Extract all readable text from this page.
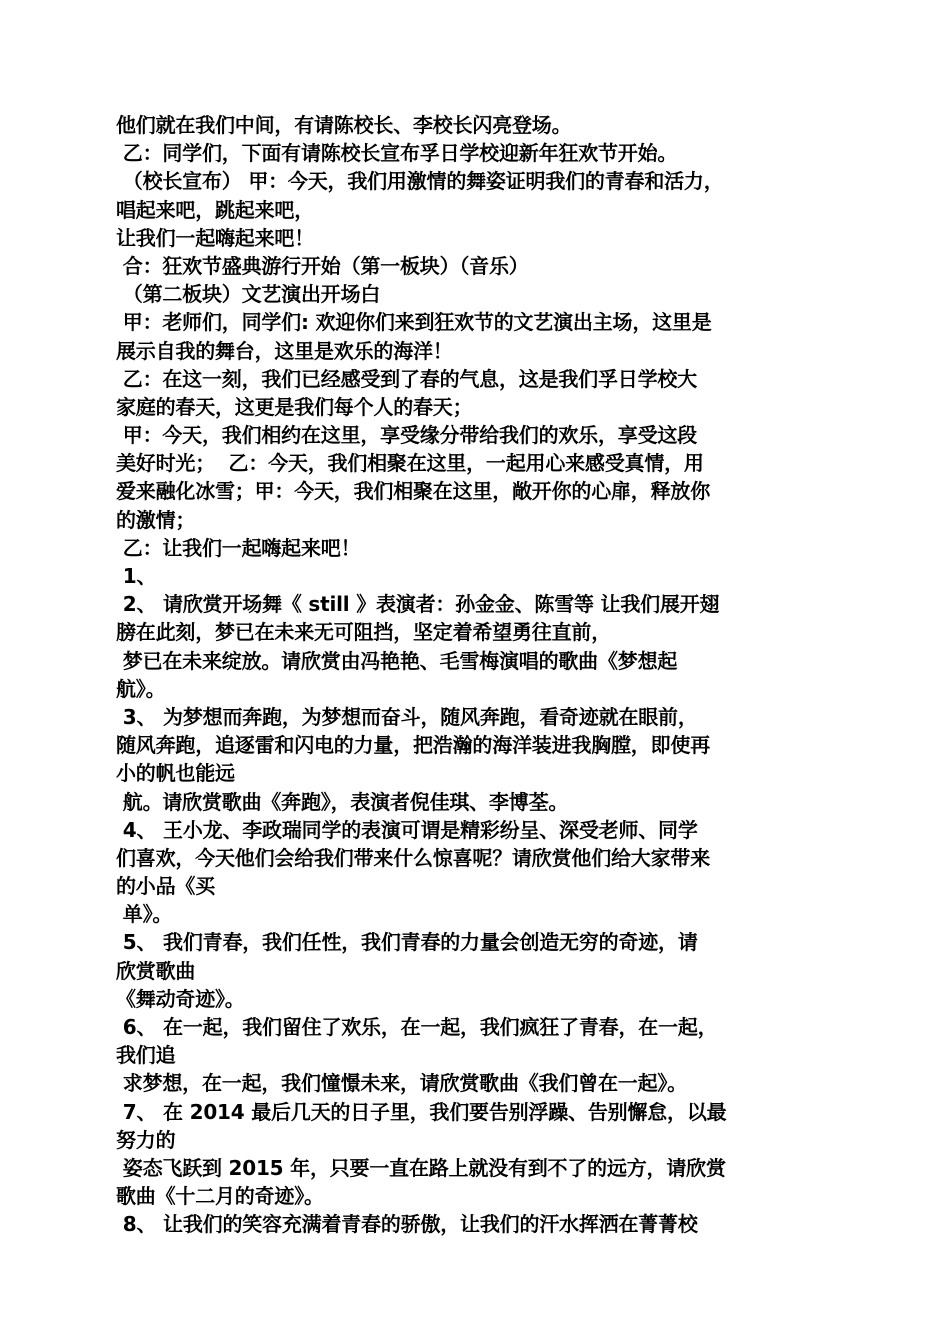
他们就在我们中间，有请陈校长、李校长闪亮登场。
乙：同学们，下面有请陈校长宣布孚日学校迎新年狂欢节开始。
（校长宣布） 甲：今天，我们用激情的舞姿证明我们的青春和活力，
唱起来吧，跳起来吧，
让我们一起嗨起来吧！
合：狂欢节盛典游行开始（第一板块）（音乐）
（第二板块）文艺演出开场白
甲：老师们，同学们: 欢迎你们来到狂欢节的文艺演出主场，这里是
展示自我的舞台，这里是欢乐的海洋！
乙：在这一刻，我们已经感受到了春的气息，这是我们孚日学校大
家庭的春天，这更是我们每个人的春天；
甲：今天，我们相约在这里，享受缘分带给我们的欢乐，享受这段
美好时光；  乙：今天，我们相聚在这里，一起用心来感受真情，用
爱来融化冰雪；甲：今天，我们相聚在这里，敞开你的心扉，释放你
的激情；
乙：让我们一起嗨起来吧！
1、
2、 请欣赏开场舞《 still 》表演者：孙金金、陈雪等 让我们展开翅
膀在此刻，梦已在未来无可阻挡，坚定着希望勇往直前，
梦已在未来绽放。请欣赏由冯艳艳、毛雪梅演唱的歌曲《梦想起
航》。
3、 为梦想而奔跑，为梦想而奋斗，随风奔跑，看奇迹就在眼前，
随风奔跑，追逐雷和闪电的力量，把浩瀚的海洋装进我胸膛，即使再
小的帆也能远
航。请欣赏歌曲《奔跑》，表演者倪佳琪、李博荃。
4、 王小龙、李政瑞同学的表演可谓是精彩纷呈、深受老师、同学
们喜欢，今天他们会给我们带来什么惊喜呢？请欣赏他们给大家带来
的小品《买
单》。
5、 我们青春，我们任性，我们青春的力量会创造无穷的奇迹，请
欣赏歌曲
《舞动奇迹》。
6、 在一起，我们留住了欢乐，在一起，我们疯狂了青春，在一起，
我们追
求梦想，在一起，我们憧憬未来，请欣赏歌曲《我们曾在一起》。
7、 在 2014 最后几天的日子里，我们要告别浮躁、告别懈怠，以最
努力的
姿态飞跃到 2015 年，只要一直在路上就没有到不了的远方，请欣赏
歌曲《十二月的奇迹》。
8、 让我们的笑容充满着青春的骄傲，让我们的汗水挥洒在菁菁校
